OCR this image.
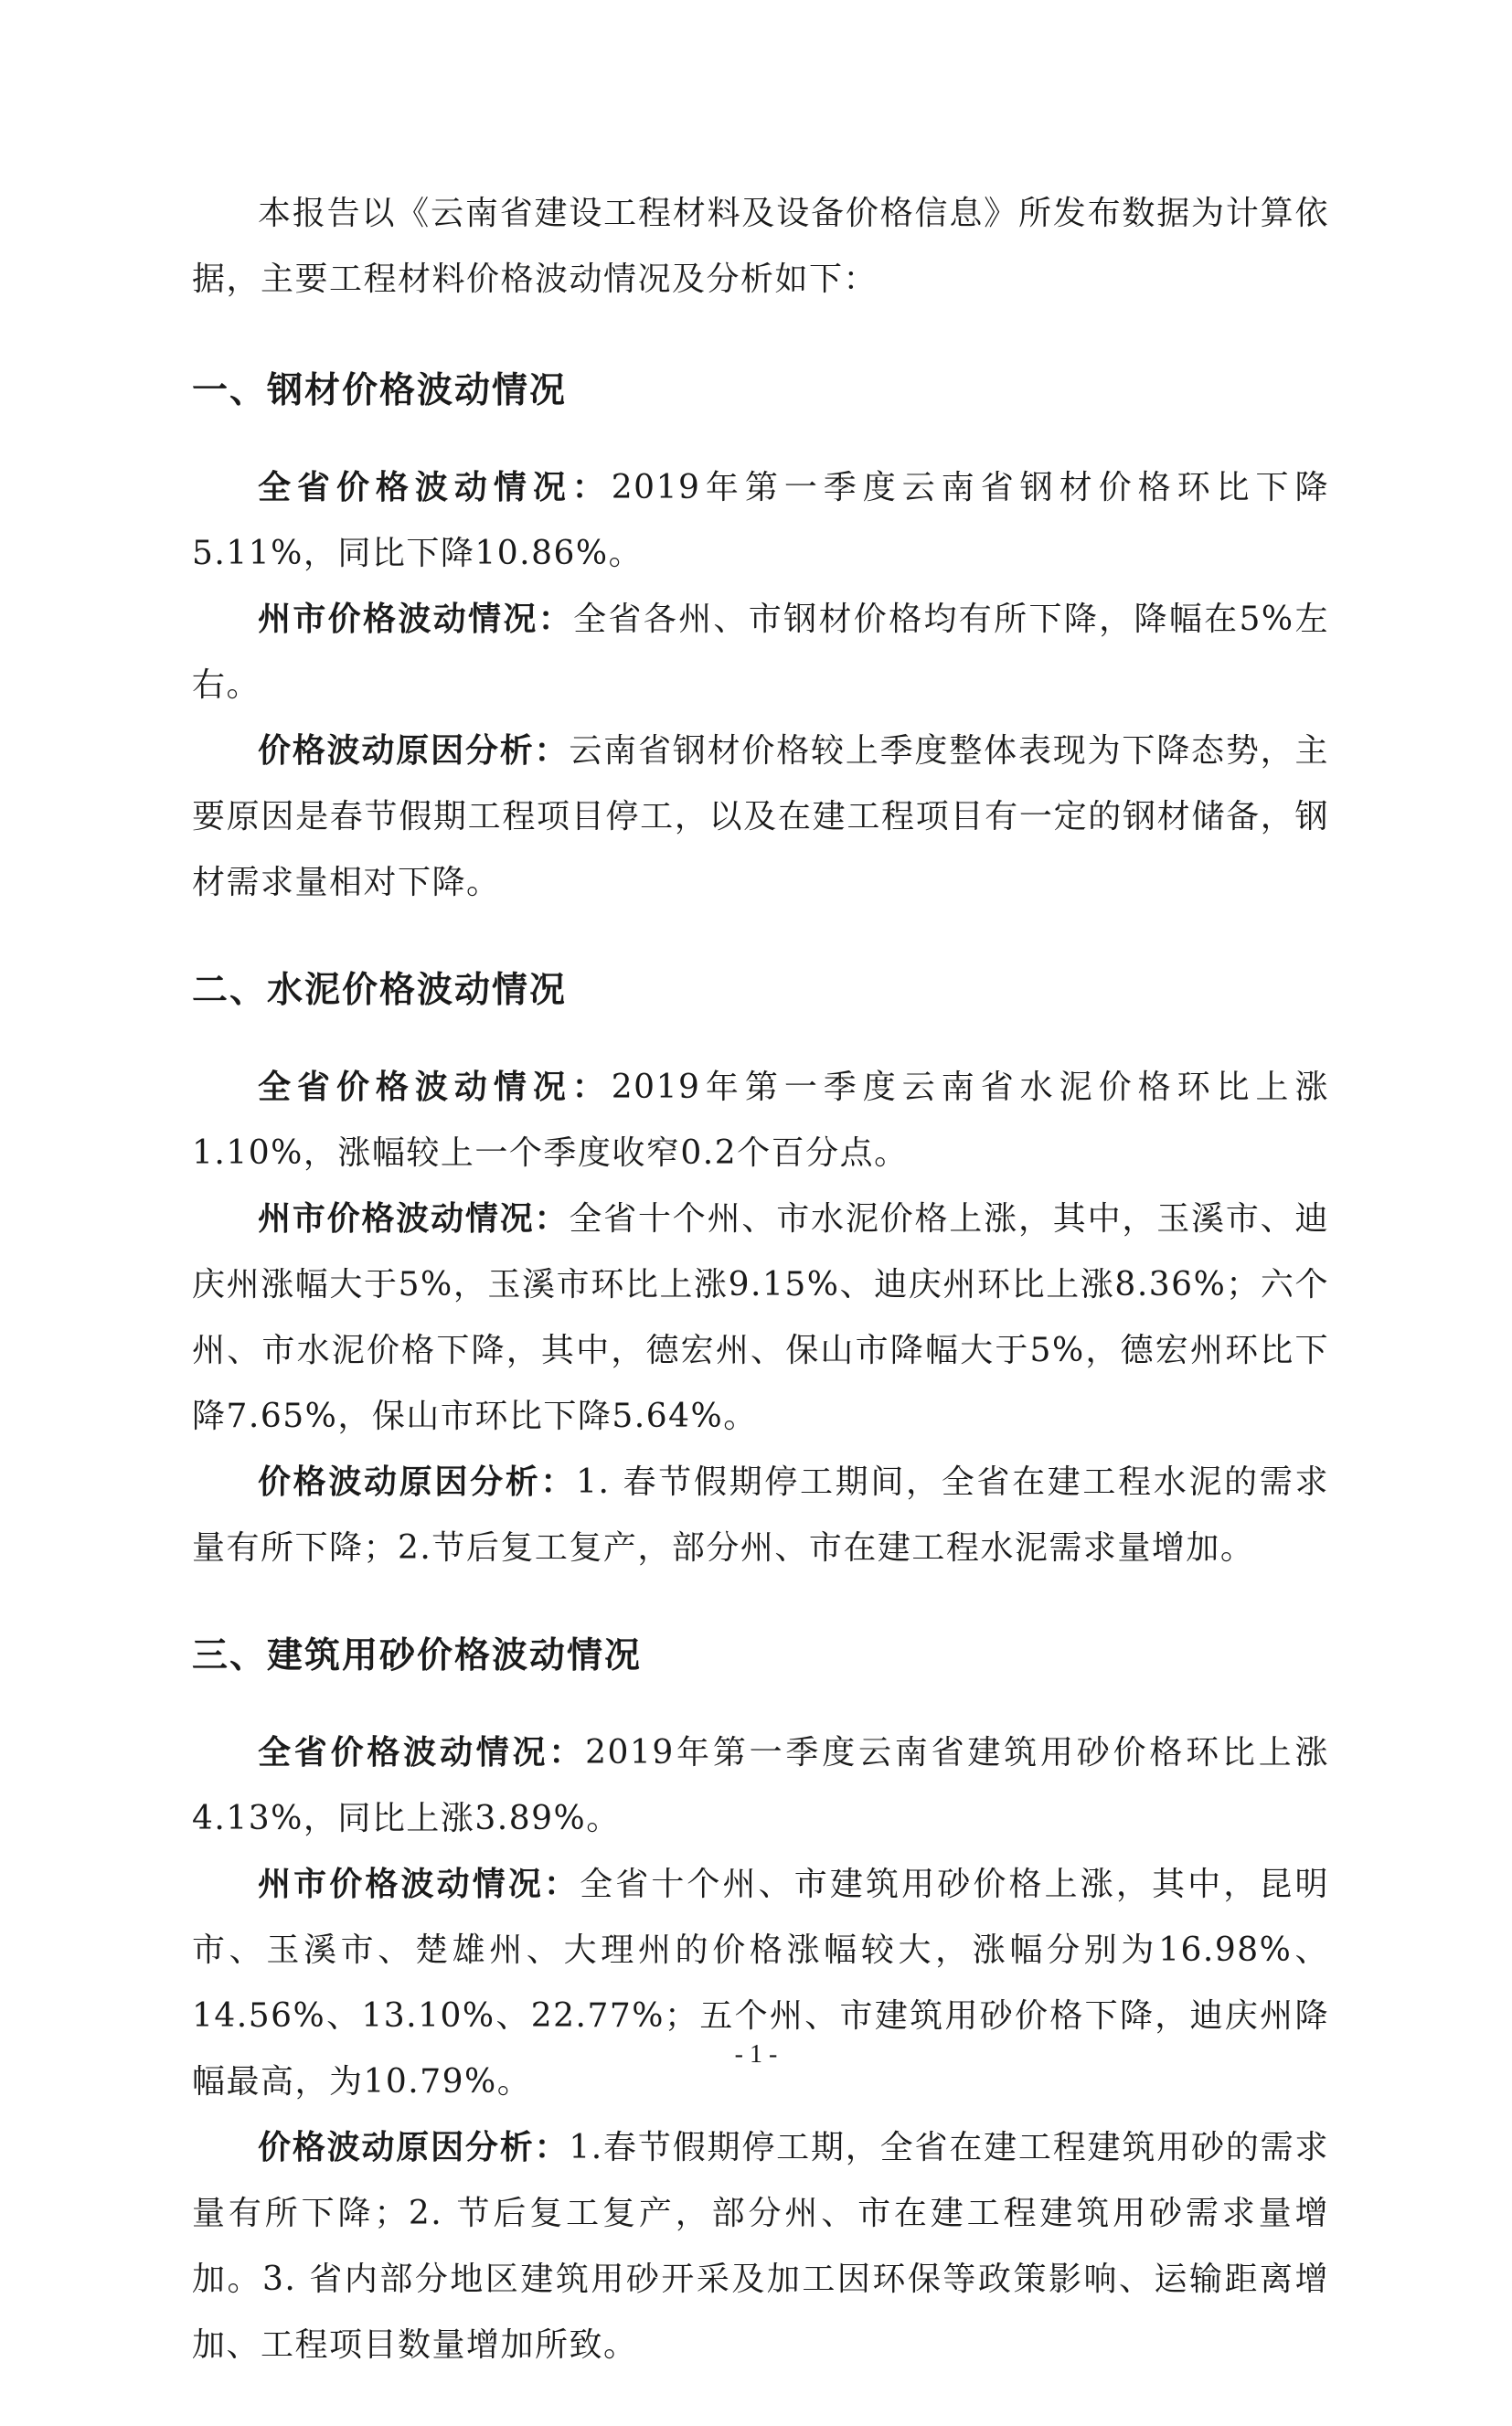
本报告以《云南省建设工程材料及设备价格信息》所发布数据为计算依据，主要工程材料价格波动情况及分析如下：

一、钢材价格波动情况

全省价格波动情况：2019年第一季度云南省钢材价格环比下降5.11%，同比下降10.86%。

州市价格波动情况：全省各州、市钢材价格均有所下降，降幅在5%左右。

价格波动原因分析：云南省钢材价格较上季度整体表现为下降态势，主要原因是春节假期工程项目停工，以及在建工程项目有一定的钢材储备，钢材需求量相对下降。

二、水泥价格波动情况

全省价格波动情况：2019年第一季度云南省水泥价格环比上涨1.10%，涨幅较上一个季度收窄0.2个百分点。

州市价格波动情况：全省十个州、市水泥价格上涨，其中，玉溪市、迪庆州涨幅大于5%，玉溪市环比上涨9.15%、迪庆州环比上涨8.36%；六个州、市水泥价格下降，其中，德宏州、保山市降幅大于5%，德宏州环比下降7.65%，保山市环比下降5.64%。

价格波动原因分析：1. 春节假期停工期间，全省在建工程水泥的需求量有所下降；2.节后复工复产，部分州、市在建工程水泥需求量增加。

三、建筑用砂价格波动情况

全省价格波动情况：2019年第一季度云南省建筑用砂价格环比上涨4.13%，同比上涨3.89%。

州市价格波动情况：全省十个州、市建筑用砂价格上涨，其中，昆明市、玉溪市、楚雄州、大理州的价格涨幅较大，涨幅分别为16.98%、14.56%、13.10%、22.77%；五个州、市建筑用砂价格下降，迪庆州降幅最高，为10.79%。

价格波动原因分析：1.春节假期停工期，全省在建工程建筑用砂的需求量有所下降；2. 节后复工复产，部分州、市在建工程建筑用砂需求量增加。3. 省内部分地区建筑用砂开采及加工因环保等政策影响、运输距离增加、工程项目数量增加所致。

- 1 -
